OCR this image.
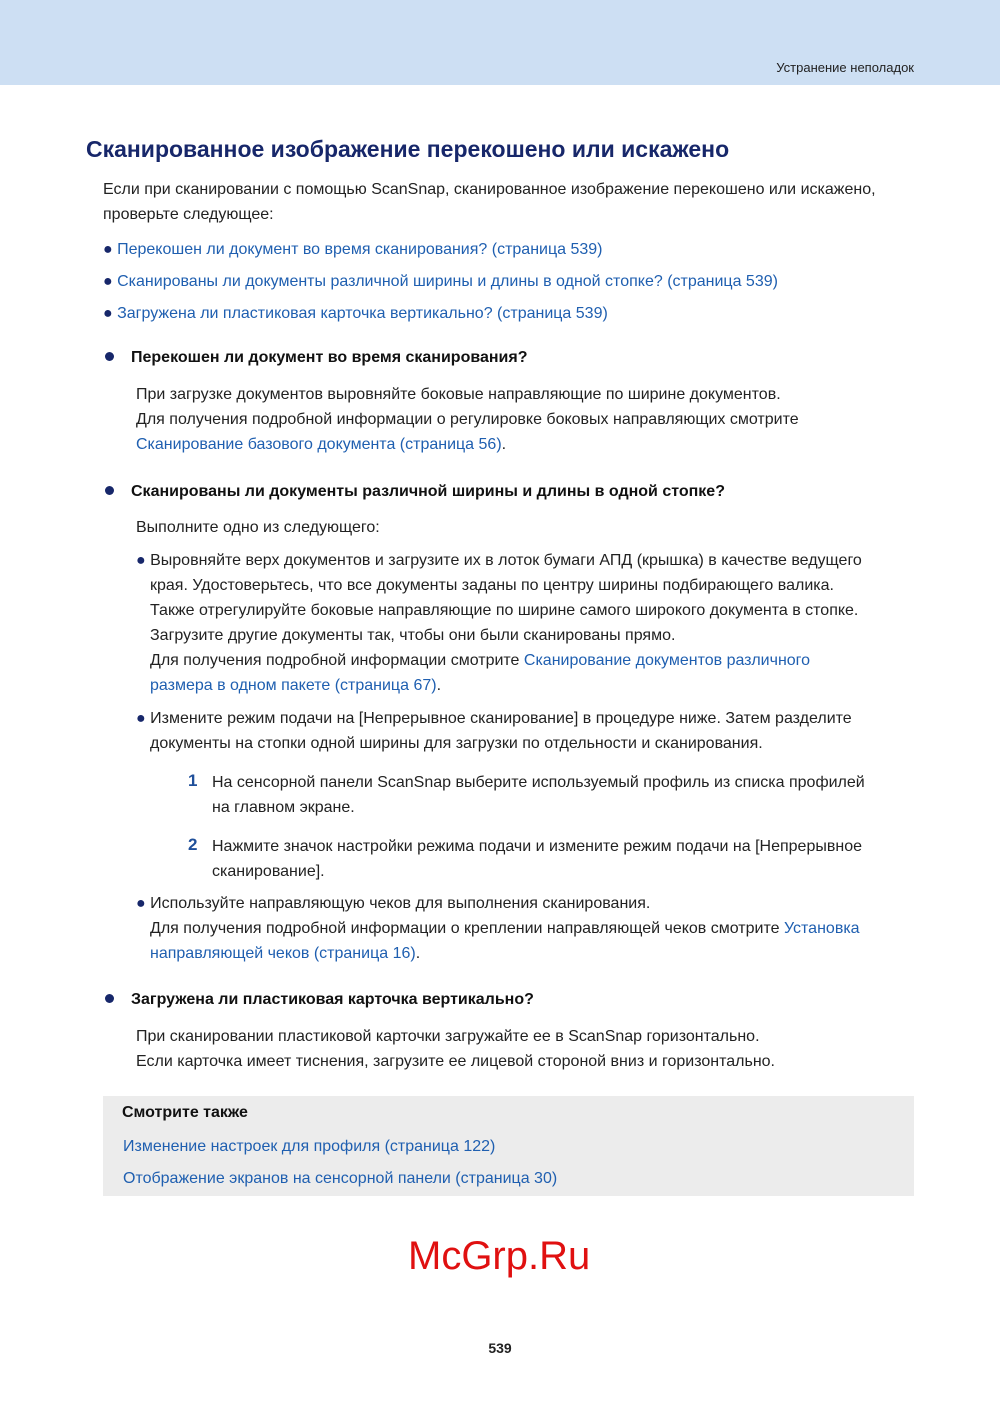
Устранение неполадок
Сканированное изображение перекошено или искажено
Если при сканировании с помощью ScanSnap, сканированное изображение перекошено или искажено,
проверьте следующее:
● Перекошен ли документ во время сканирования? (страница 539)
● Сканированы ли документы различной ширины и длины в одной стопке? (страница 539)
● Загружена ли пластиковая карточка вертикально? (страница 539)
Перекошен ли документ во время сканирования?
При загрузке документов выровняйте боковые направляющие по ширине документов.
Для получения подробной информации о регулировке боковых направляющих смотрите
Сканирование базового документа (страница 56).
Сканированы ли документы различной ширины и длины в одной стопке?
Выполните одно из следующего:
● Выровняйте верх документов и загрузите их в лоток бумаги АПД (крышка) в качестве ведущего
края. Удостоверьтесь, что все документы заданы по центру ширины подбирающего валика.
Также отрегулируйте боковые направляющие по ширине самого широкого документа в стопке.
Загрузите другие документы так, чтобы они были сканированы прямо.
Для получения подробной информации смотрите Сканирование документов различного
размера в одном пакете (страница 67).
● Измените режим подачи на [Непрерывное сканирование] в процедуре ниже. Затем разделите
документы на стопки одной ширины для загрузки по отдельности и сканирования.
1 На сенсорной панели ScanSnap выберите используемый профиль из списка профилей
на главном экране.
2 Нажмите значок настройки режима подачи и измените режим подачи на [Непрерывное
сканирование].
● Используйте направляющую чеков для выполнения сканирования.
Для получения подробной информации о креплении направляющей чеков смотрите Установка
направляющей чеков (страница 16).
Загружена ли пластиковая карточка вертикально?
При сканировании пластиковой карточки загружайте ее в ScanSnap горизонтально.
Если карточка имеет тиснения, загрузите ее лицевой стороной вниз и горизонтально.
Смотрите также
Изменение настроек для профиля (страница 122)
Отображение экранов на сенсорной панели (страница 30)
McGrp.Ru
539
